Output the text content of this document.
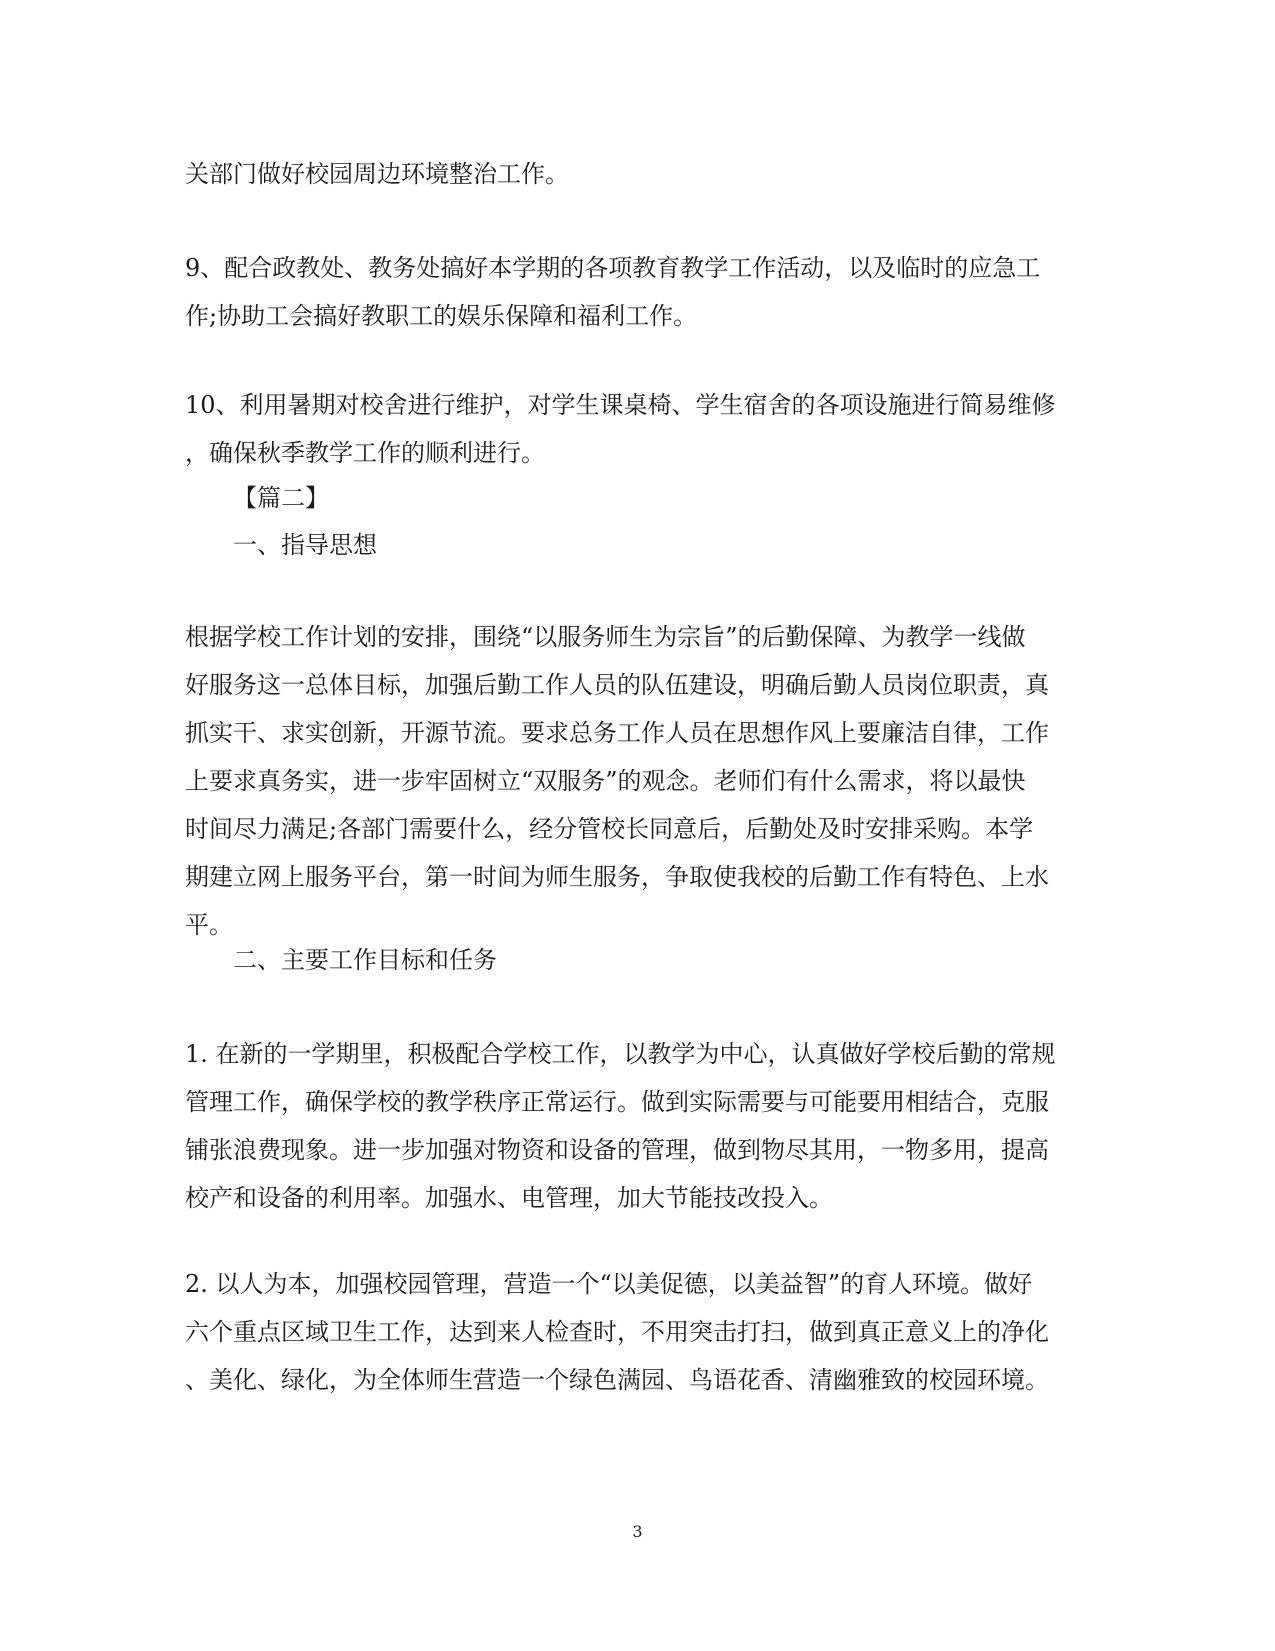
关部门做好校园周边环境整治工作。
9、配合政教处、教务处搞好本学期的各项教育教学工作活动，以及临时的应急工
作;协助工会搞好教职工的娱乐保障和福利工作。
10、利用暑期对校舍进行维护，对学生课桌椅、学生宿舍的各项设施进行简易维修
，确保秋季教学工作的顺利进行。
【篇二】
一、指导思想
根据学校工作计划的安排，围绕“以服务师生为宗旨”的后勤保障、为教学一线做
好服务这一总体目标，加强后勤工作人员的队伍建设，明确后勤人员岗位职责，真
抓实干、求实创新，开源节流。要求总务工作人员在思想作风上要廉洁自律，工作
上要求真务实，进一步牢固树立“双服务”的观念。老师们有什么需求，将以最快
时间尽力满足;各部门需要什么，经分管校长同意后，后勤处及时安排采购。本学
期建立网上服务平台，第一时间为师生服务，争取使我校的后勤工作有特色、上水
平。
二、主要工作目标和任务
1. 在新的一学期里，积极配合学校工作，以教学为中心，认真做好学校后勤的常规
管理工作，确保学校的教学秩序正常运行。做到实际需要与可能要用相结合，克服
铺张浪费现象。进一步加强对物资和设备的管理，做到物尽其用，一物多用，提高
校产和设备的利用率。加强水、电管理，加大节能技改投入。
2. 以人为本，加强校园管理，营造一个“以美促德，以美益智”的育人环境。做好
六个重点区域卫生工作，达到来人检查时，不用突击打扫，做到真正意义上的净化
、美化、绿化，为全体师生营造一个绿色满园、鸟语花香、清幽雅致的校园环境。
3
